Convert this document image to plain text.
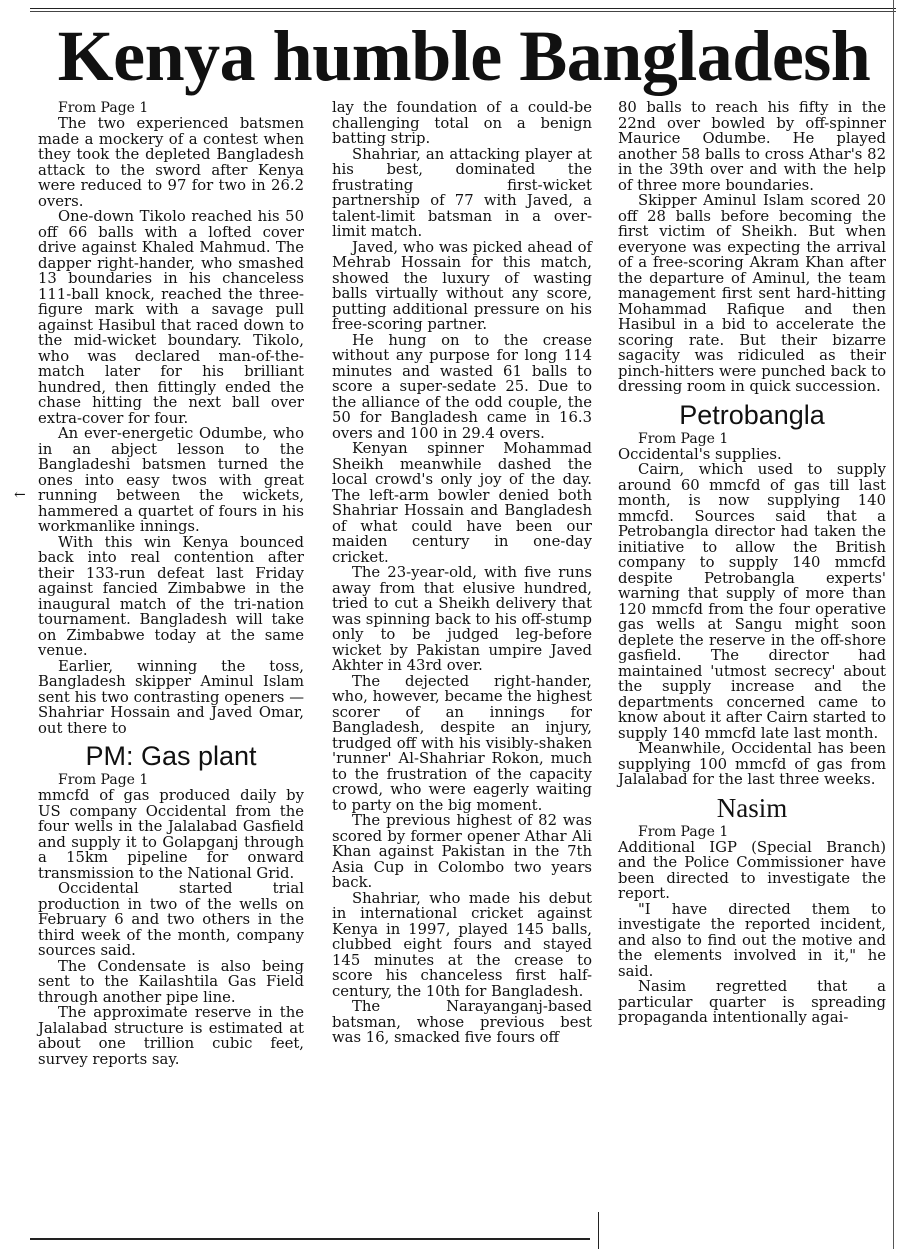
Kenya humble Bangladesh
←

From Page 1

The two experienced batsmen made a mockery of a contest when they took the depleted Bangladesh attack to the sword after Kenya were reduced to 97 for two in 26.2 overs.

One-down Tikolo reached his 50 off 66 balls with a lofted cover drive against Khaled Mahmud. The dapper right-hander, who smashed 13 boundaries in his chanceless 111-ball knock, reached the three-figure mark with a savage pull against Hasibul that raced down to the mid-wicket boundary. Tikolo, who was declared man-of-the-match later for his brilliant hundred, then fittingly ended the chase hitting the next ball over extra-cover for four.

An ever-energetic Odumbe, who in an abject lesson to the Bangladeshi batsmen turned the ones into easy twos with great running between the wickets, hammered a quartet of fours in his workmanlike innings.

With this win Kenya bounced back into real contention after their 133-run defeat last Friday against fancied Zimbabwe in the inaugural match of the tri-nation tournament. Bangladesh will take on Zimbabwe today at the same venue.

Earlier, winning the toss, Bangladesh skipper Aminul Islam sent his two contrasting openers — Shahriar Hossain and Javed Omar, out there to

PM: Gas plant

From Page 1

mmcfd of gas produced daily by US company Occidental from the four wells in the Jalalabad Gasfield and supply it to Golapganj through a 15km pipeline for onward transmission to the National Grid.

Occidental started trial production in two of the wells on February 6 and two others in the third week of the month, company sources said.

The Condensate is also being sent to the Kailashtila Gas Field through another pipe line.

The approximate reserve in the Jalalabad structure is estimated at about one trillion cubic feet, survey reports say.

lay the foundation of a could-be challenging total on a benign batting strip.

Shahriar, an attacking player at his best, dominated the frustrating first-wicket partnership of 77 with Javed, a talent-limit batsman in a over-limit match.

Javed, who was picked ahead of Mehrab Hossain for this match, showed the luxury of wasting balls virtually without any score, putting additional pressure on his free-scoring partner.

He hung on to the crease without any purpose for long 114 minutes and wasted 61 balls to score a super-sedate 25. Due to the alliance of the odd couple, the 50 for Bangladesh came in 16.3 overs and 100 in 29.4 overs.

Kenyan spinner Mohammad Sheikh meanwhile dashed the local crowd's only joy of the day. The left-arm bowler denied both Shahriar Hossain and Bangladesh of what could have been our maiden century in one-day cricket.

The 23-year-old, with five runs away from that elusive hundred, tried to cut a Sheikh delivery that was spinning back to his off-stump only to be judged leg-before wicket by Pakistan umpire Javed Akhter in 43rd over.

The dejected right-hander, who, however, became the highest scorer of an innings for Bangladesh, despite an injury, trudged off with his visibly-shaken 'runner' Al-Shahriar Rokon, much to the frustration of the capacity crowd, who were eagerly waiting to party on the big moment.

The previous highest of 82 was scored by former opener Athar Ali Khan against Pakistan in the 7th Asia Cup in Colombo two years back.

Shahriar, who made his debut in international cricket against Kenya in 1997, played 145 balls, clubbed eight fours and stayed 145 minutes at the crease to score his chanceless first half-century, the 10th for Bangladesh.

The Narayanganj-based batsman, whose previous best was 16, smacked five fours off

80 balls to reach his fifty in the 22nd over bowled by off-spinner Maurice Odumbe. He played another 58 balls to cross Athar's 82 in the 39th over and with the help of three more boundaries.

Skipper Aminul Islam scored 20 off 28 balls before becoming the first victim of Sheikh. But when everyone was expecting the arrival of a free-scoring Akram Khan after the departure of Aminul, the team management first sent hard-hitting Mohammad Rafique and then Hasibul in a bid to accelerate the scoring rate. But their bizarre sagacity was ridiculed as their pinch-hitters were punched back to dressing room in quick succession.

Petrobangla

From Page 1

Occidental's supplies.

Cairn, which used to supply around 60 mmcfd of gas till last month, is now supplying 140 mmcfd. Sources said that a Petrobangla director had taken the initiative to allow the British company to supply 140 mmcfd despite Petrobangla experts' warning that supply of more than 120 mmcfd from the four operative gas wells at Sangu might soon deplete the reserve in the off-shore gasfield. The director had maintained 'utmost secrecy' about the supply increase and the departments concerned came to know about it after Cairn started to supply 140 mmcfd late last month.

Meanwhile, Occidental has been supplying 100 mmcfd of gas from Jalalabad for the last three weeks.

Nasim

From Page 1

Additional IGP (Special Branch) and the Police Commissioner have been directed to investigate the report.

"I have directed them to investigate the reported incident, and also to find out the motive and the elements involved in it," he said.

Nasim regretted that a particular quarter is spreading propaganda intentionally agai-
